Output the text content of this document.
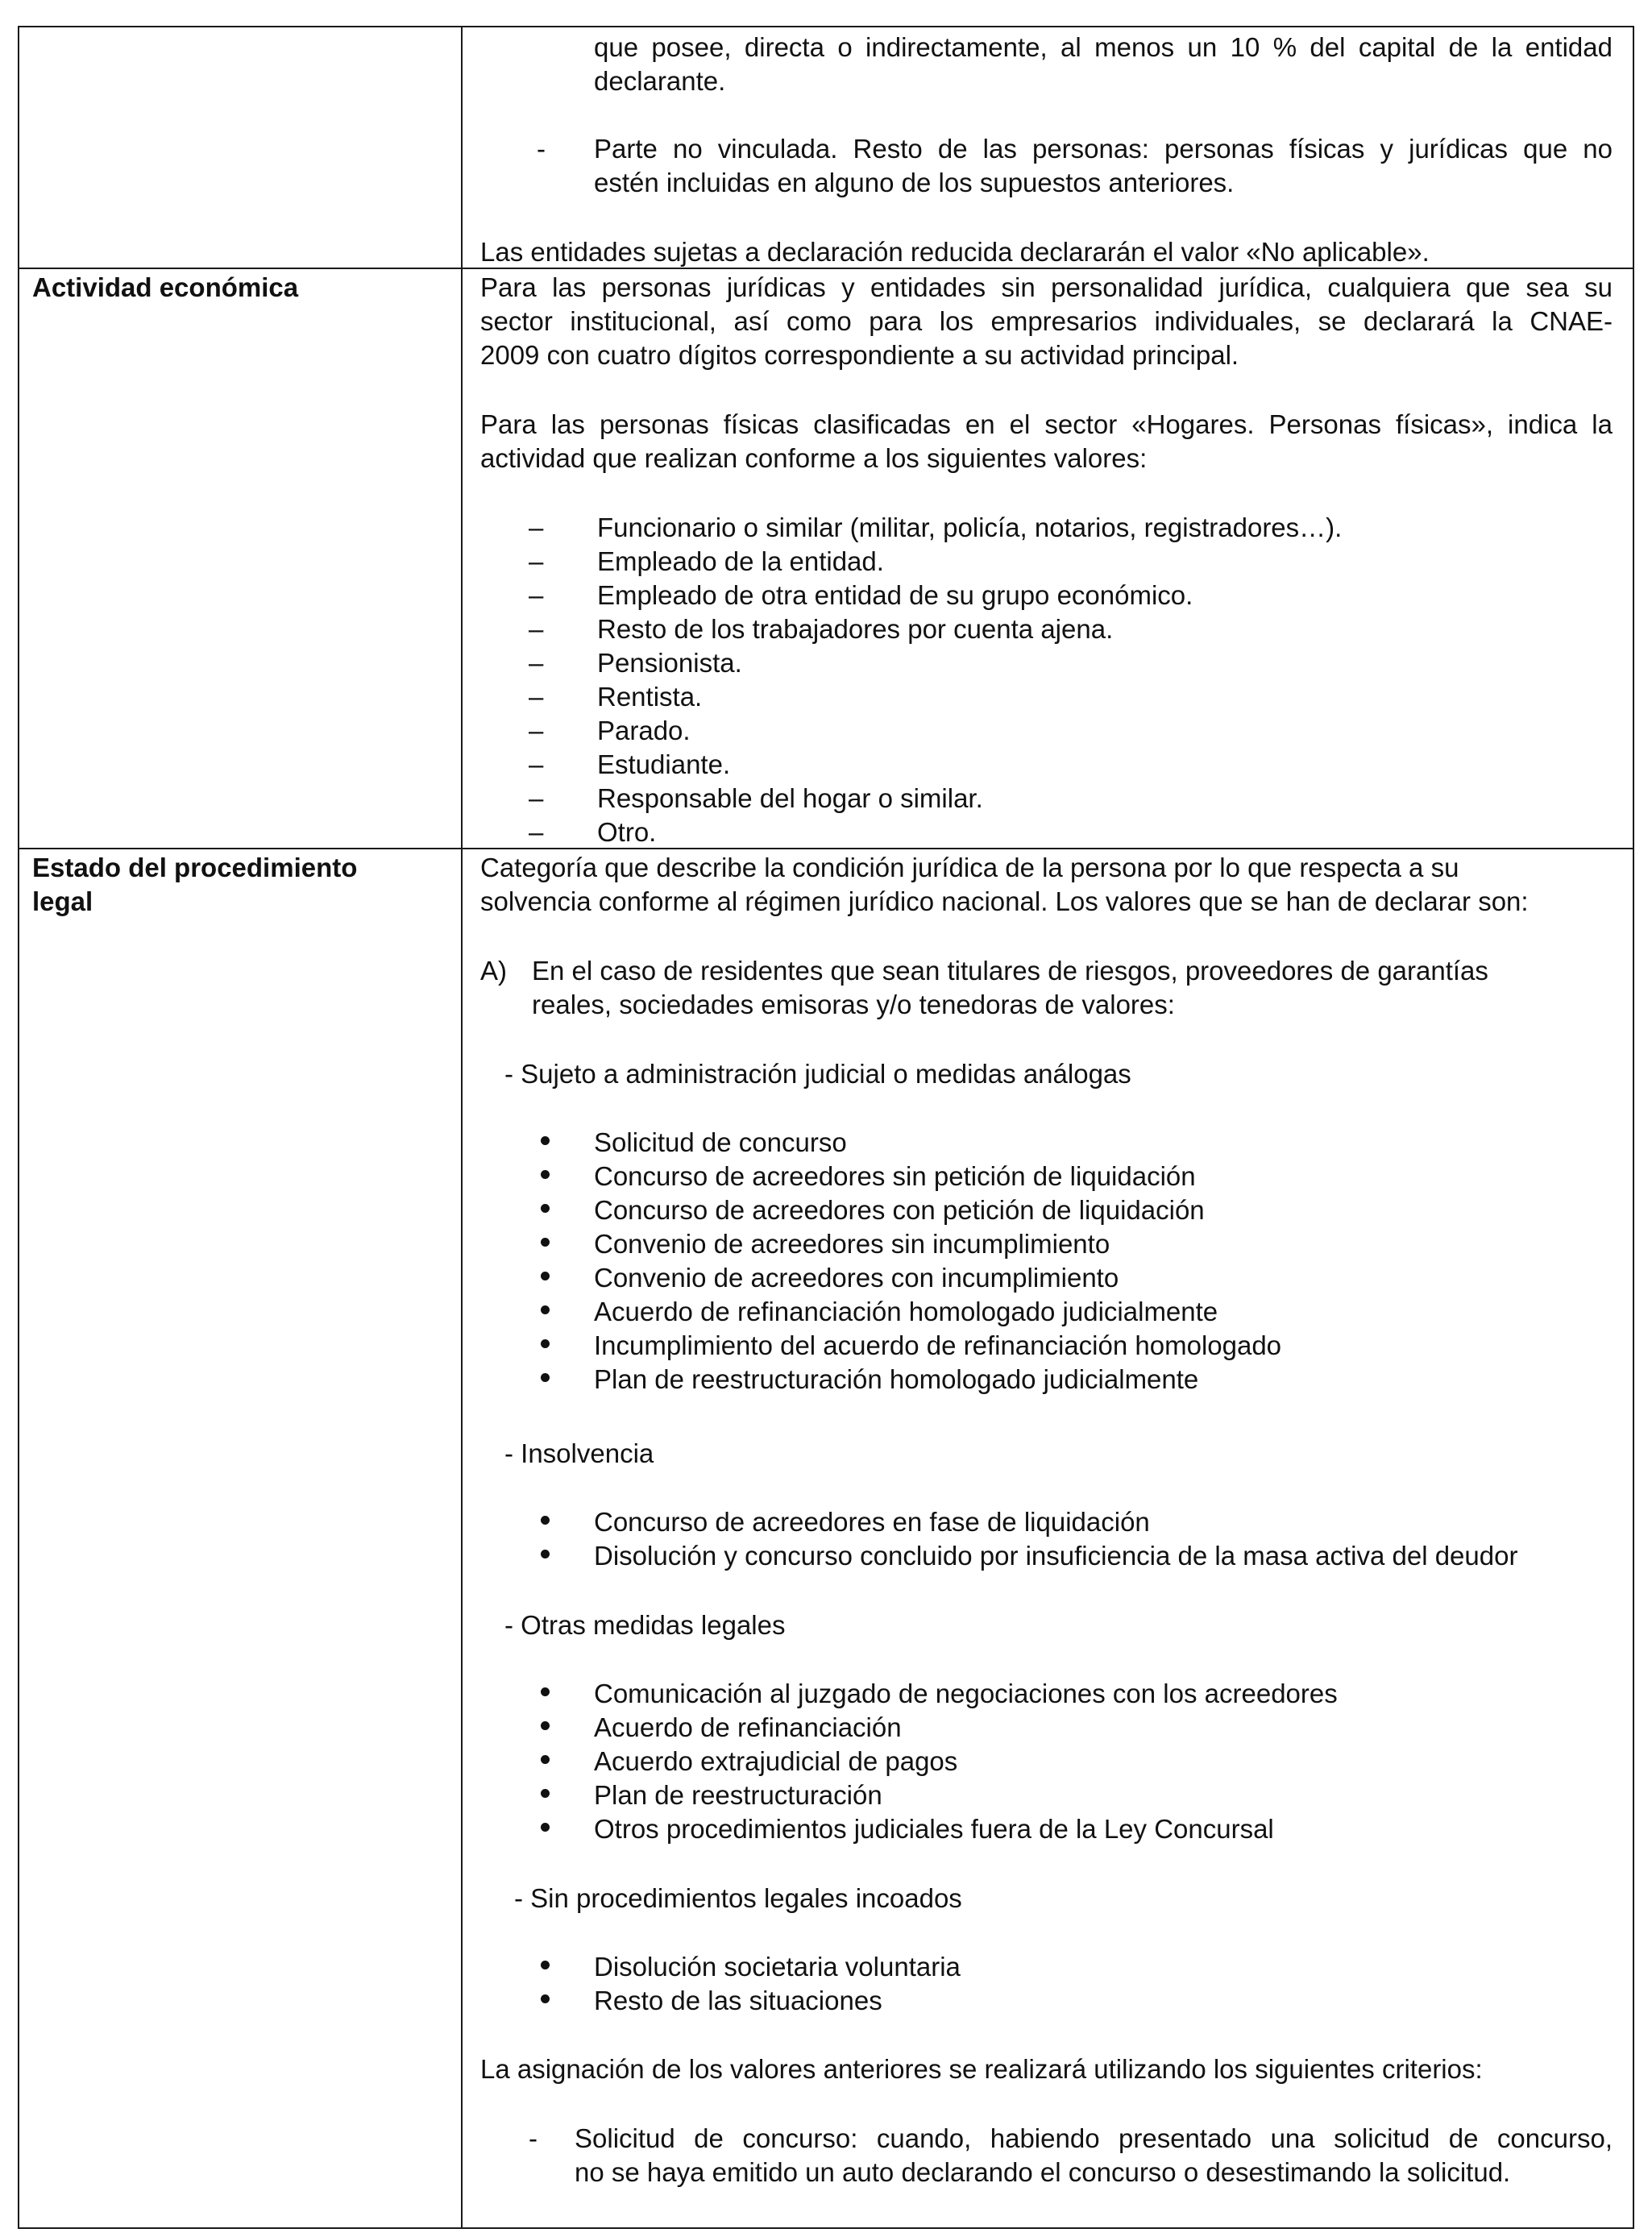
que posee, directa o indirectamente, al menos un 10 % del capital de la entidad
declarante.
- Parte no vinculada. Resto de las personas: personas físicas y jurídicas que no
estén incluidas en alguno de los supuestos anteriores.
Las entidades sujetas a declaración reducida declararán el valor «No aplicable».
Actividad económica	Para las personas jurídicas y entidades sin personalidad jurídica, cualquiera que sea su
sector institucional, así como para los empresarios individuales, se declarará la CNAE-
2009 con cuatro dígitos correspondiente a su actividad principal.
Para las personas físicas clasificadas en el sector «Hogares. Personas físicas», indica la
actividad que realizan conforme a los siguientes valores:
– Funcionario o similar (militar, policía, notarios, registradores…).
– Empleado de la entidad.
– Empleado de otra entidad de su grupo económico.
– Resto de los trabajadores por cuenta ajena.
– Pensionista.
– Rentista.
– Parado.
– Estudiante.
– Responsable del hogar o similar.
– Otro.
Estado del procedimiento
legal
Categoría que describe la condición jurídica de la persona por lo que respecta a su
solvencia conforme al régimen jurídico nacional. Los valores que se han de declarar son:
A) En el caso de residentes que sean titulares de riesgos, proveedores de garantías
reales, sociedades emisoras y/o tenedoras de valores:
- Sujeto a administración judicial o medidas análogas
Solicitud de concurso
Concurso de acreedores sin petición de liquidación
Concurso de acreedores con petición de liquidación
Convenio de acreedores sin incumplimiento
Convenio de acreedores con incumplimiento
Acuerdo de refinanciación homologado judicialmente
Incumplimiento del acuerdo de refinanciación homologado
Plan de reestructuración homologado judicialmente
- Insolvencia
Concurso de acreedores en fase de liquidación
Disolución y concurso concluido por insuficiencia de la masa activa del deudor
- Otras medidas legales
Comunicación al juzgado de negociaciones con los acreedores
Acuerdo de refinanciación
Acuerdo extrajudicial de pagos
Plan de reestructuración
Otros procedimientos judiciales fuera de la Ley Concursal
- Sin procedimientos legales incoados
Disolución societaria voluntaria
Resto de las situaciones
La asignación de los valores anteriores se realizará utilizando los siguientes criterios:
- Solicitud de concurso: cuando, habiendo presentado una solicitud de concurso,
no se haya emitido un auto declarando el concurso o desestimando la solicitud.
